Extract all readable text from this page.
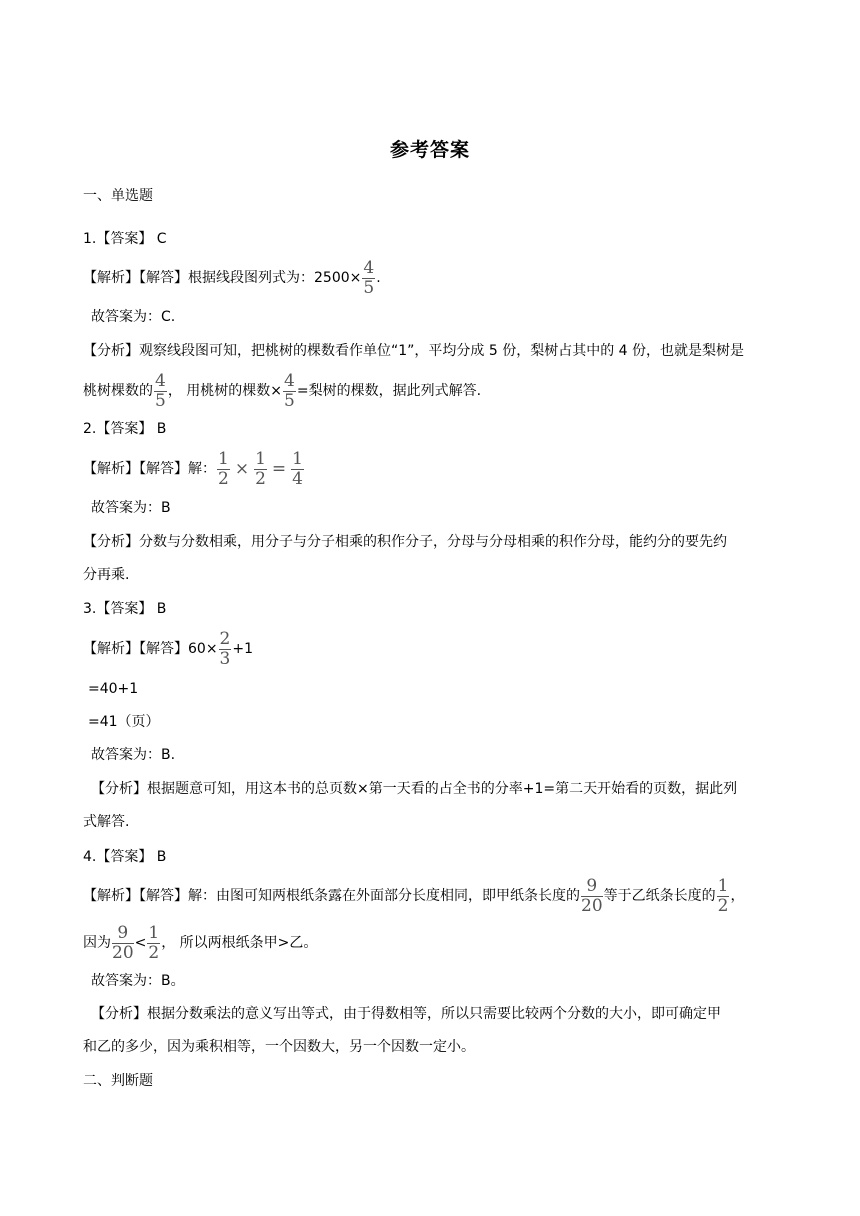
参考答案
一、单选题
1.【答案】 C
【解析】【解答】根据线段图列式为：$2500\times \frac{4}{5}$ .
故答案为：C.
【分析】观察线段图可知，把桃树的棵数看作单位“1”，平均分成 5 份，梨树占其中的 4 份，也就是梨树是
桃树棵数的 $\frac{4}{5}$ ， 用桃树的棵数× $\frac{4}{5}$ =梨树的棵数，据此列式解答.
2.【答案】 B
【解析】【解答】解： $\frac{1}{2} \times \frac{1}{2} = \frac{1}{4}$
故答案为：B
【分析】分数与分数相乘，用分子与分子相乘的积作分子，分母与分母相乘的积作分母，能约分的要先约
分再乘.
3.【答案】 B
【解析】【解答】$60\times \frac{2}{3} +1$
=40+1
=41（页）
故答案为：B.
【分析】根据题意可知，用这本书的总页数×第一天看的占全书的分率+1=第二天开始看的页数，据此列
式解答.
4.【答案】 B
【解析】【解答】解：由图可知两根纸条露在外面部分长度相同，即甲纸条长度的 $\frac{9}{20}$ 等于乙纸条长度的 $\frac{1}{2}$ ，
因为 $\frac{9}{20} < \frac{1}{2}$ ， 所以两根纸条甲>乙。
故答案为：B。
【分析】根据分数乘法的意义写出等式，由于得数相等，所以只需要比较两个分数的大小，即可确定甲
和乙的多少，因为乘积相等，一个因数大，另一个因数一定小。
二、判断题
